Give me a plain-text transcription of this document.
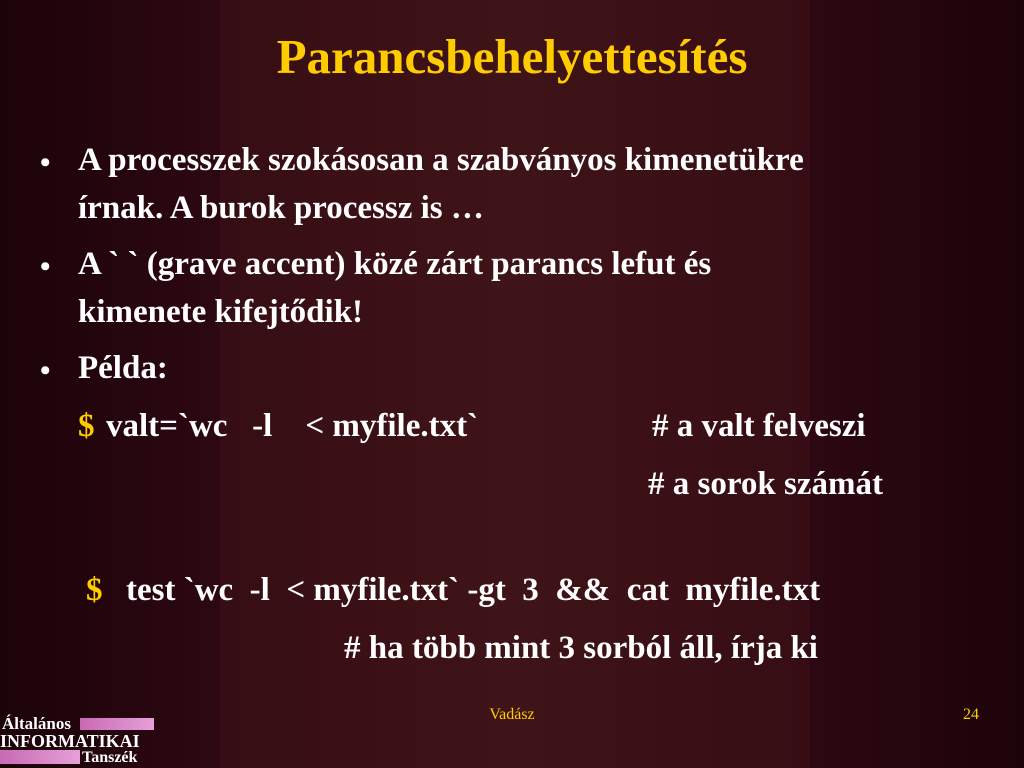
Parancsbehelyettesítés
• A processzek szokásosan a szabványos kimenetükre
írnak. A burok processz is …
• A ` ` (grave accent) közé zárt parancs lefut és
kimenete kifejtődik!
• Példa:
$ valt=`wc   -l    < myfile.txt`	# a valt felveszi
# a sorok számát
$ test `wc  -l  < myfile.txt` -gt  3  &&  cat  myfile.txt
# ha több mint 3 sorból áll, írja ki
Vadász	24
Általános
INFORMATIKAI
Tanszék
